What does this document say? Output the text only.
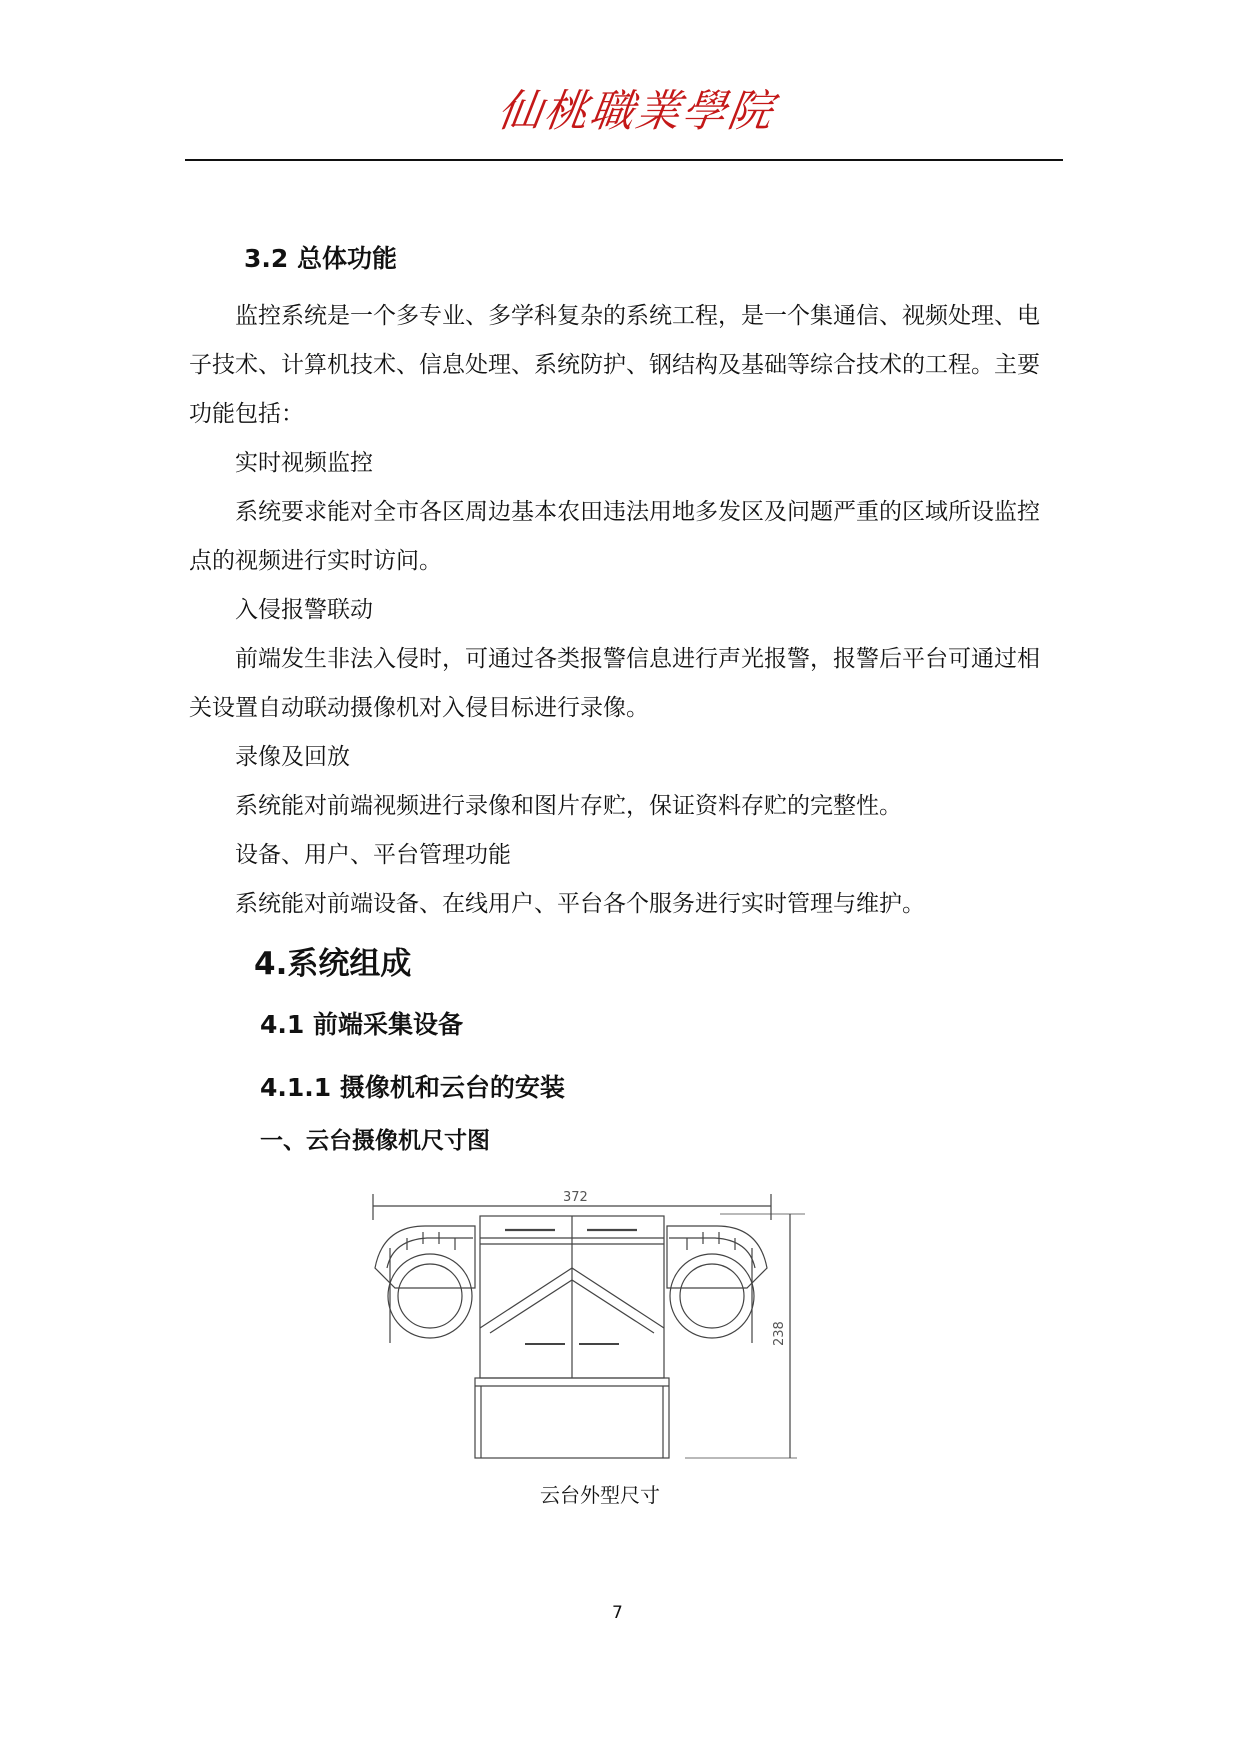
仙桃職業學院
3.2 总体功能

监控系统是一个多专业、多学科复杂的系统工程，是一个集通信、视频处理、电子技术、计算机技术、信息处理、系统防护、钢结构及基础等综合技术的工程。主要功能包括：

实时视频监控

系统要求能对全市各区周边基本农田违法用地多发区及问题严重的区域所设监控点的视频进行实时访问。

入侵报警联动

前端发生非法入侵时，可通过各类报警信息进行声光报警，报警后平台可通过相关设置自动联动摄像机对入侵目标进行录像。

录像及回放

系统能对前端视频进行录像和图片存贮，保证资料存贮的完整性。

设备、用户、平台管理功能

系统能对前端设备、在线用户、平台各个服务进行实时管理与维护。

4.系统组成
4.1 前端采集设备
4.1.1 摄像机和云台的安装
一、云台摄像机尺寸图
372
238
云台外型尺寸
7
